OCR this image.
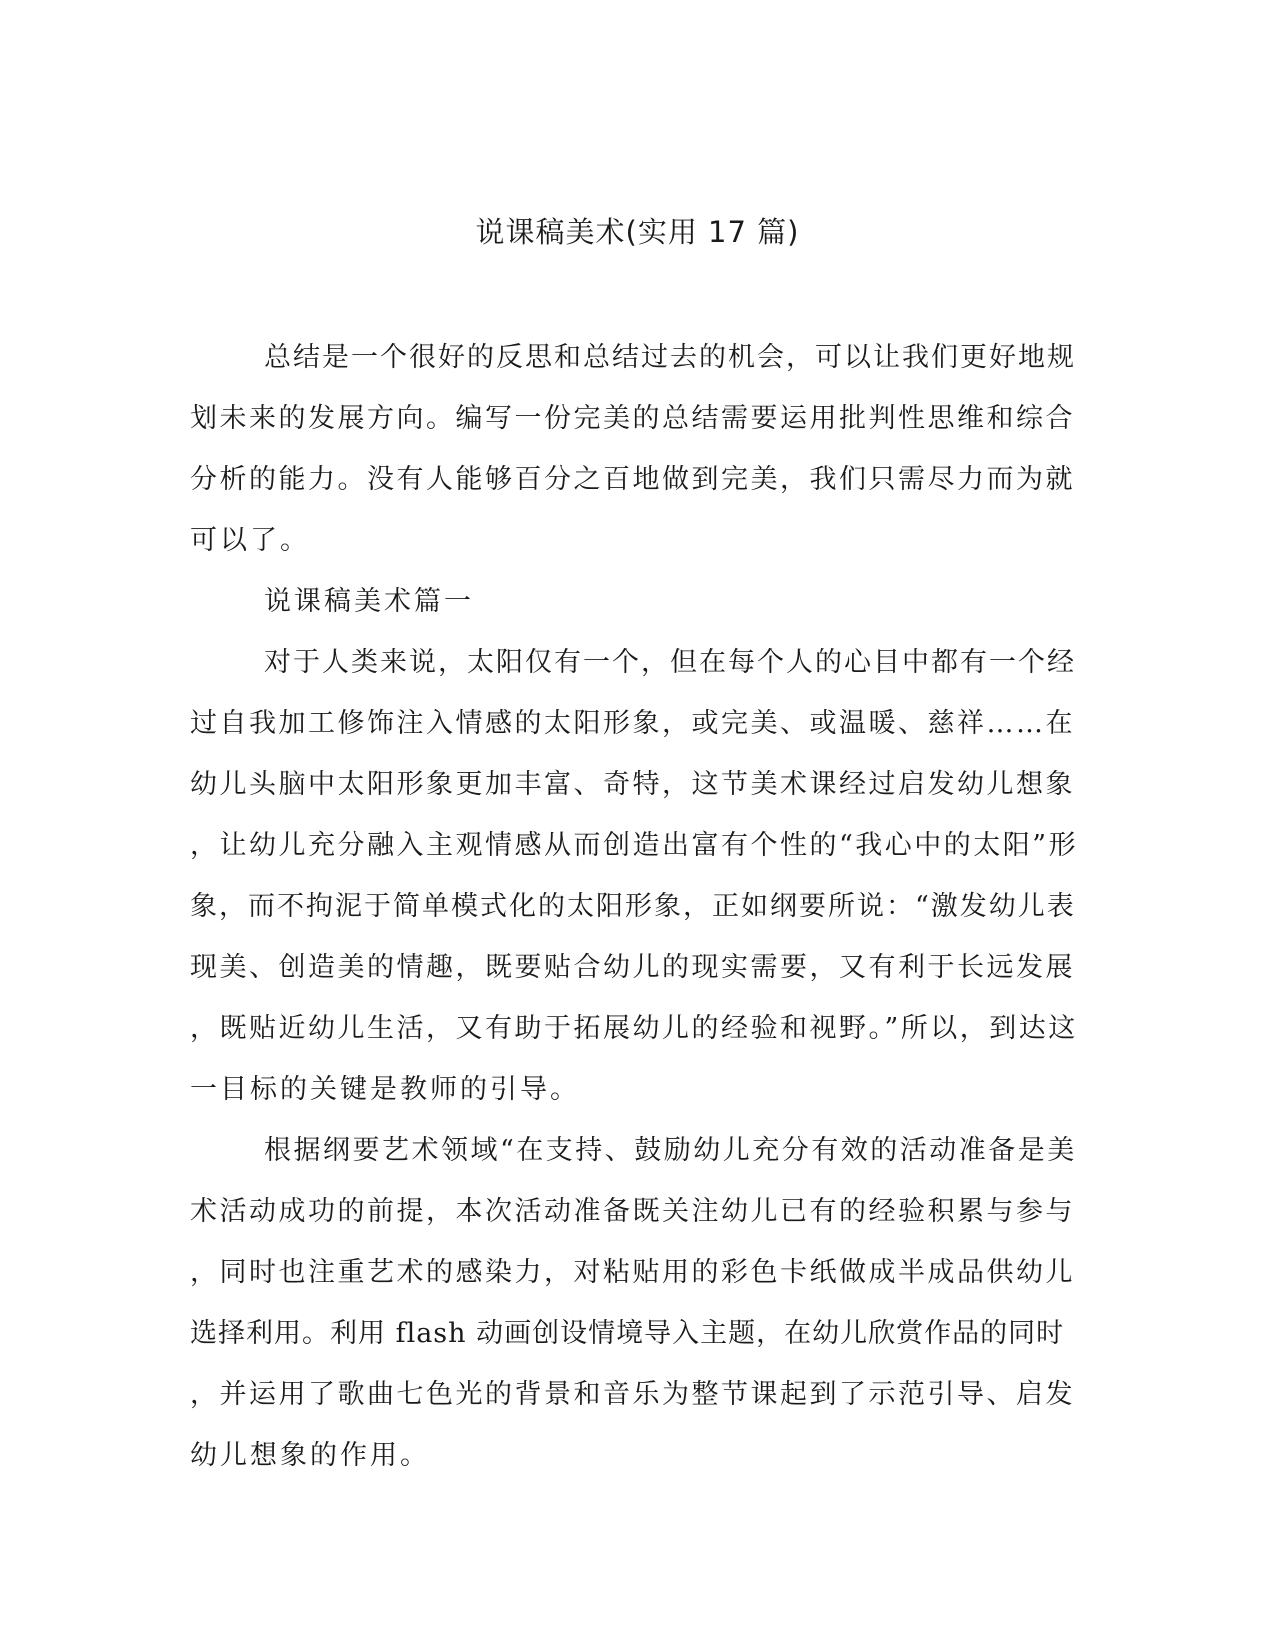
说课稿美术(实用 17 篇)
总结是一个很好的反思和总结过去的机会，可以让我们更好地规
划未来的发展方向。编写一份完美的总结需要运用批判性思维和综合
分析的能力。没有人能够百分之百地做到完美，我们只需尽力而为就
可以了。
说课稿美术篇一
对于人类来说，太阳仅有一个，但在每个人的心目中都有一个经
过自我加工修饰注入情感的太阳形象，或完美、或温暖、慈祥……在
幼儿头脑中太阳形象更加丰富、奇特，这节美术课经过启发幼儿想象
，让幼儿充分融入主观情感从而创造出富有个性的“我心中的太阳”形
象，而不拘泥于简单模式化的太阳形象，正如纲要所说：“激发幼儿表
现美、创造美的情趣，既要贴合幼儿的现实需要，又有利于长远发展
，既贴近幼儿生活，又有助于拓展幼儿的经验和视野。”所以，到达这
一目标的关键是教师的引导。
根据纲要艺术领域“在支持、鼓励幼儿充分有效的活动准备是美
术活动成功的前提，本次活动准备既关注幼儿已有的经验积累与参与
，同时也注重艺术的感染力，对粘贴用的彩色卡纸做成半成品供幼儿
选择利用。利用 flash 动画创设情境导入主题，在幼儿欣赏作品的同时
，并运用了歌曲七色光的背景和音乐为整节课起到了示范引导、启发
幼儿想象的作用。
